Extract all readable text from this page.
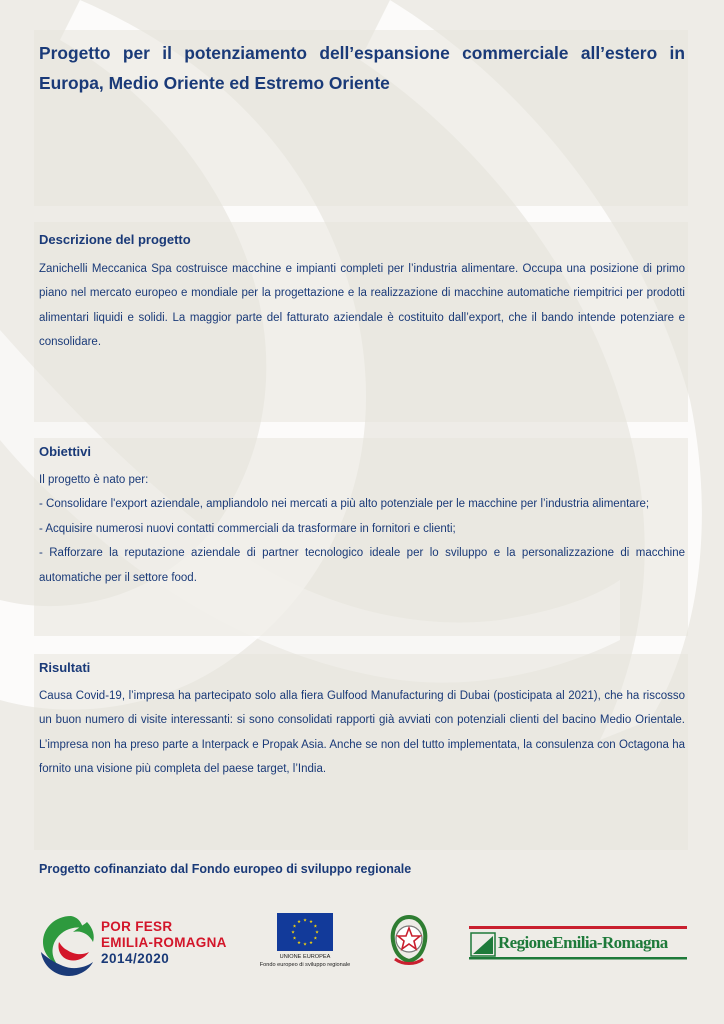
Progetto per il potenziamento dell’espansione commerciale all’estero in Europa, Medio Oriente ed Estremo Oriente
Descrizione del progetto

Zanichelli Meccanica Spa costruisce macchine e impianti completi per l’industria alimentare. Occupa una posizione di primo piano nel mercato europeo e mondiale per la progettazione e la realizzazione di macchine automatiche riempitrici per prodotti alimentari liquidi e solidi. La maggior parte del fatturato aziendale è costituito dall’export, che il bando intende potenziare e consolidare.

Obiettivi

Il progetto è nato per:

- Consolidare l'export aziendale, ampliandolo nei mercati a più alto potenziale per le macchine per l’industria alimentare;

- Acquisire numerosi nuovi contatti commerciali da trasformare in fornitori e clienti;

- Rafforzare la reputazione aziendale di partner tecnologico ideale per lo sviluppo e la personalizzazione di macchine automatiche per il settore food.

Risultati

Causa Covid-19, l’impresa ha partecipato solo alla fiera Gulfood Manufacturing di Dubai (posticipata al 2021), che ha riscosso un buon numero di visite interessanti: si sono consolidati rapporti già avviati con potenziali clienti del bacino Medio Orientale. L’impresa non ha preso parte a Interpack e Propak Asia. Anche se non del tutto implementata, la consulenza con Octagona ha fornito una visione più completa del paese target, l’India.

Progetto cofinanziato dal Fondo europeo di sviluppo regionale
POR FESR
EMILIA-ROMAGNA
2014/2020
★ ★
★
★
★
★
★
★
★
★
★
★
UNIONE EUROPEA
Fondo europeo di sviluppo regionale
RegioneEmilia-Romagna
